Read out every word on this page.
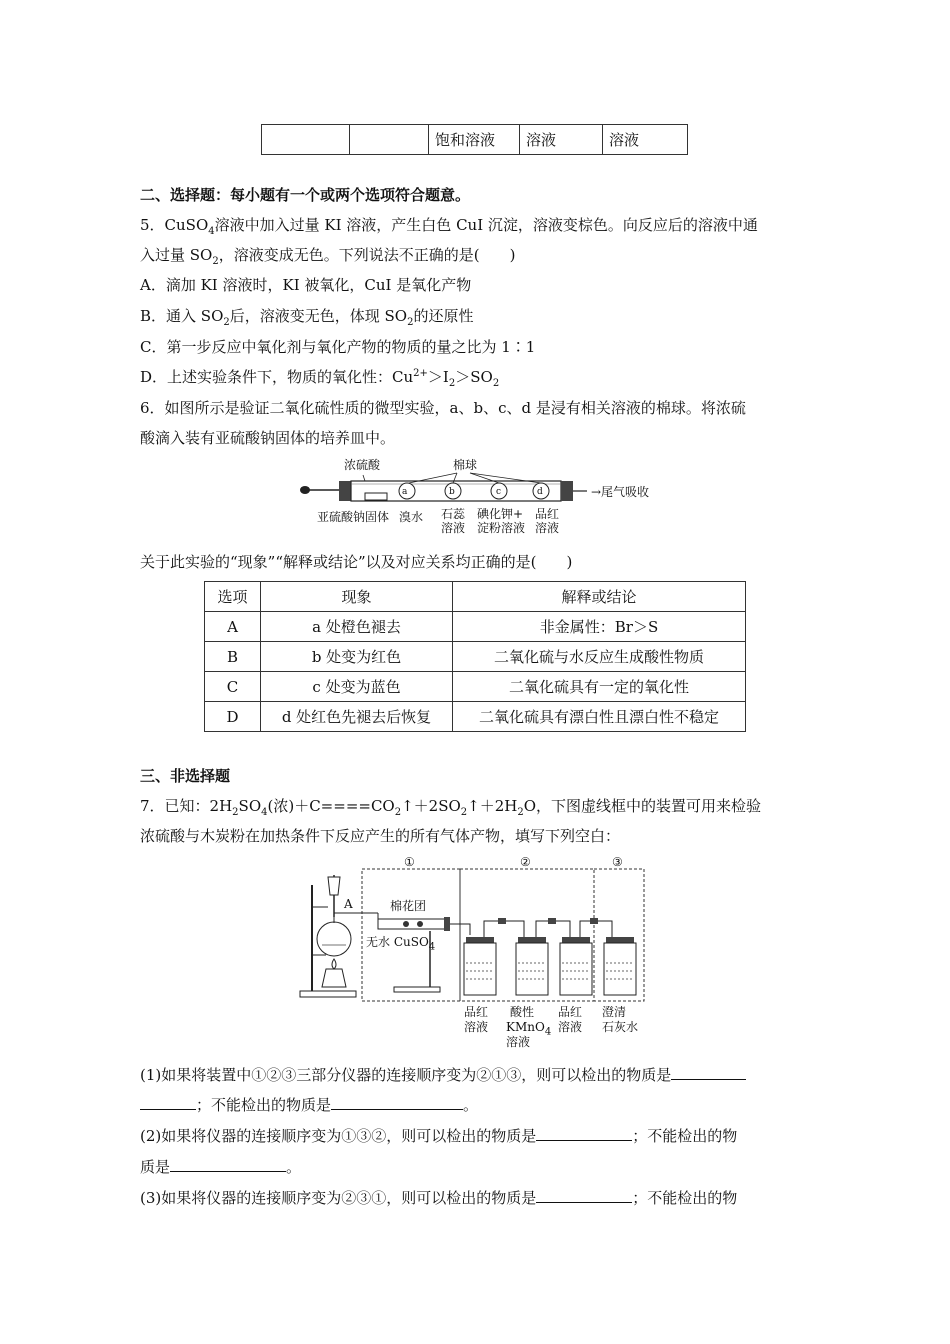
		饱和溶液	溶液	溶液
二、选择题：每小题有一个或两个选项符合题意。
5．CuSO$_4$溶液中加入过量 KI 溶液，产生白色 CuI 沉淀，溶液变棕色。向反应后的溶液中通
入过量 $SO_2$，溶液变成无色。下列说法不正确的是(　　)
A．滴加 KI 溶液时，KI 被氧化，CuI 是氧化产物
B．通入 $SO_2$后，溶液变无色，体现 $SO_2$的还原性
C．第一步反应中氧化剂与氧化产物的物质的量之比为 1∶1
D．上述实验条件下，物质的氧化性：$Cu^{2+}>I_2>SO_2$
6．如图所示是验证二氧化硫性质的微型实验，a、b、c、d 是浸有相关溶液的棉球。将浓硫
酸滴入装有亚硫酸钠固体的培养皿中。
浓硫酸	棉球
a	b	c	d	→尾气吸收
亚硫酸钠固体 溴水 石蕊
溶液
碘化钾+
淀粉溶液
品红
溶液
关于此实验的“现象”“解释或结论”以及对应关系均正确的是(　　)
选项	现象	解释或结论
A	a 处橙色褪去	非金属性：Br＞S
B	b 处变为红色	二氧化硫与水反应生成酸性物质
C	c 处变为蓝色	二氧化硫具有一定的氧化性
D	d 处红色先褪去后恢复	二氧化硫具有漂白性且漂白性不稳定
三、非选择题
7．已知：$2H_2SO_4$(浓)$+C====CO_2↑+2SO_2↑+2H_2O$，下图虚线框中的装置可用来检验
浓硫酸与木炭粉在加热条件下反应产生的所有气体产物，填写下列空白：
①	②	③
A	棉花团
无水 CuSO$_4$
品红
溶液
酸性
KMnO$_4$
溶液
品红
溶液
澄清
石灰水
(1)如果将装置中①②③三部分仪器的连接顺序变为②①③，则可以检出的物质是
；不能检出的物质是	。
(2)如果将仪器的连接顺序变为①③②，则可以检出的物质是	；不能检出的物
质是	。
(3)如果将仪器的连接顺序变为②③①，则可以检出的物质是	；不能检出的物
